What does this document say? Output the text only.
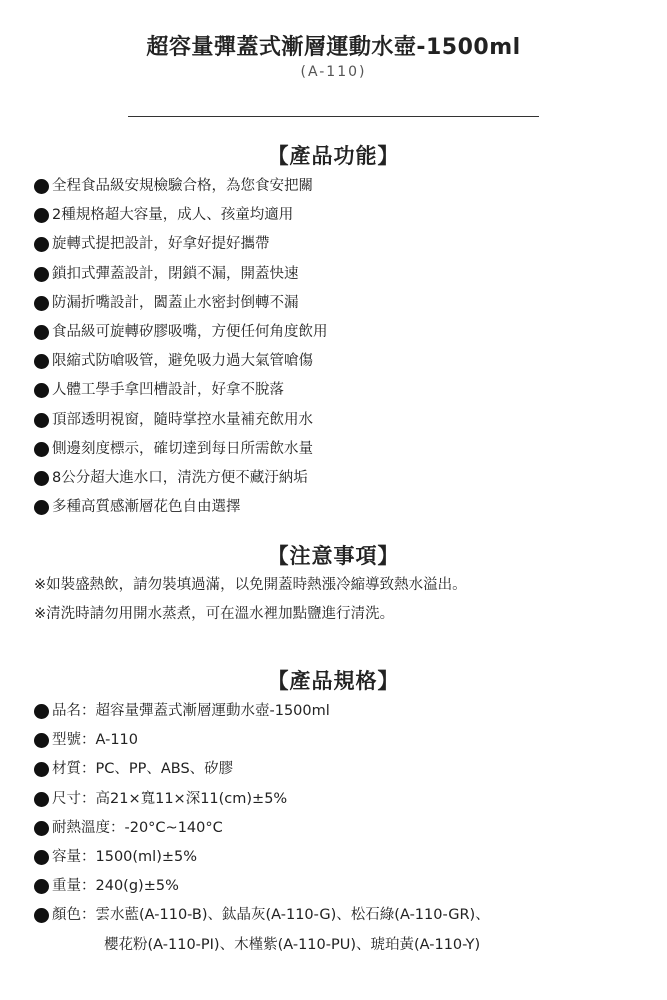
超容量彈蓋式漸層運動水壺-1500ml
(A-110)
【產品功能】
全程食品級安規檢驗合格，為您食安把關
2種規格超大容量，成人、孩童均適用
旋轉式提把設計，好拿好提好攜帶
鎖扣式彈蓋設計，閉鎖不漏，開蓋快速
防漏折嘴設計，闔蓋止水密封倒轉不漏
食品級可旋轉矽膠吸嘴，方便任何角度飲用
限縮式防嗆吸管，避免吸力過大氣管嗆傷
人體工學手拿凹槽設計，好拿不脫落
頂部透明視窗，隨時掌控水量補充飲用水
側邊刻度標示，確切達到每日所需飲水量
8公分超大進水口，清洗方便不藏汙納垢
多種高質感漸層花色自由選擇
【注意事項】
※如裝盛熱飲，請勿裝填過滿，以免開蓋時熱漲冷縮導致熱水溢出。
※清洗時請勿用開水蒸煮，可在溫水裡加點鹽進行清洗。
【產品規格】
品名：超容量彈蓋式漸層運動水壺-1500ml
型號：A-110
材質：PC、PP、ABS、矽膠
尺寸：高21×寬11×深11(cm)±5%
耐熱溫度：-20°C~140°C
容量：1500(ml)±5%
重量：240(g)±5%
顏色：雲水藍(A-110-B)、鈦晶灰(A-110-G)、松石綠(A-110-GR)、
櫻花粉(A-110-PI)、木槿紫(A-110-PU)、琥珀黃(A-110-Y)
